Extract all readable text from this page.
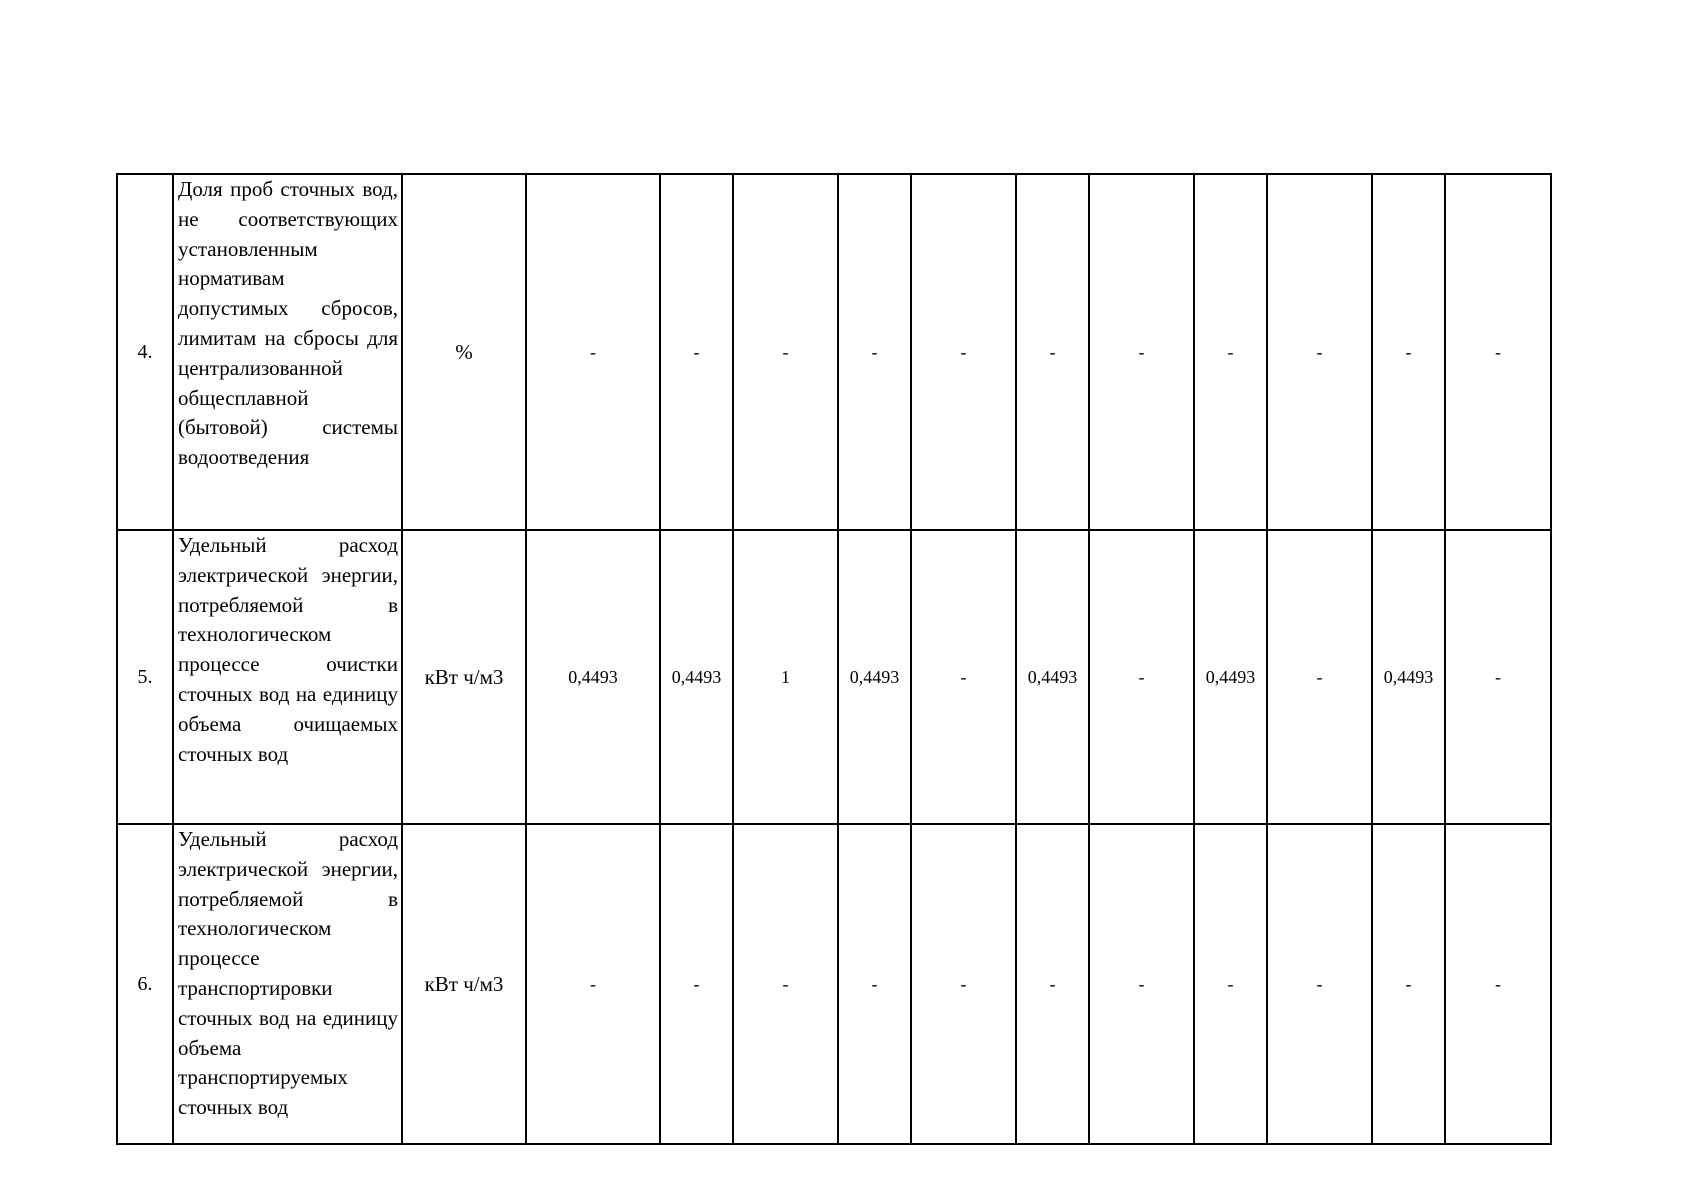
4.	Доля проб сточных вод, не соответствующих установленным нормативам допустимых сбросов, лимитам на сбросы для централизованной общесплавной (бытовой) системы водоотведения	%	-	-	-	-	-	-	-	-	-	-	-
5.	Удельный расход электрической энергии, потребляемой в технологическом процессе очистки сточных вод на единицу объема очищаемых сточных вод	кВт ч/м3	0,4493	0,4493	1	0,4493	-	0,4493	-	0,4493	-	0,4493	-
6.	Удельный расход электрической энергии, потребляемой в технологическом процессе транспортировки сточных вод на единицу объема транспортируемых сточных вод	кВт ч/м3	-	-	-	-	-	-	-	-	-	-	-
